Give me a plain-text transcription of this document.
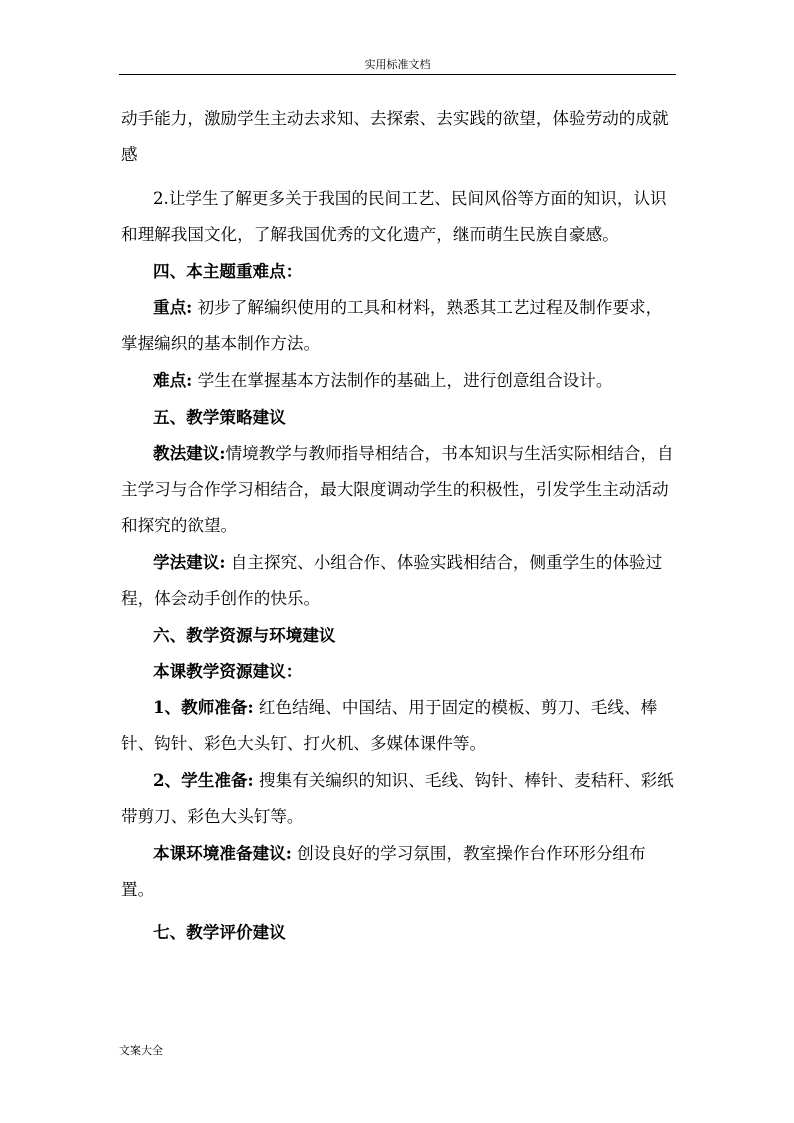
实用标准文档

动手能力，激励学生主动去求知、去探索、去实践的欲望，体验劳动的成就感

2.让学生了解更多关于我国的民间工艺、民间风俗等方面的知识，认识和理解我国文化，了解我国优秀的文化遗产，继而萌生民族自豪感。

四、本主题重难点：

重点: 初步了解编织使用的工具和材料，熟悉其工艺过程及制作要求，掌握编织的基本制作方法。

难点: 学生在掌握基本方法制作的基础上，进行创意组合设计。

五、教学策略建议

教法建议:情境教学与教师指导相结合，书本知识与生活实际相结合，自主学习与合作学习相结合，最大限度调动学生的积极性，引发学生主动活动和探究的欲望。

学法建议: 自主探究、小组合作、体验实践相结合，侧重学生的体验过程，体会动手创作的快乐。

六、教学资源与环境建议

本课教学资源建议：

1、教师准备: 红色结绳、中国结、用于固定的模板、剪刀、毛线、棒针、钩针、彩色大头钉、打火机、多媒体课件等。

2、学生准备: 搜集有关编织的知识、毛线、钩针、棒针、麦秸秆、彩纸带剪刀、彩色大头钉等。

本课环境准备建议: 创设良好的学习氛围，教室操作台作环形分组布置。

七、教学评价建议

文案大全
